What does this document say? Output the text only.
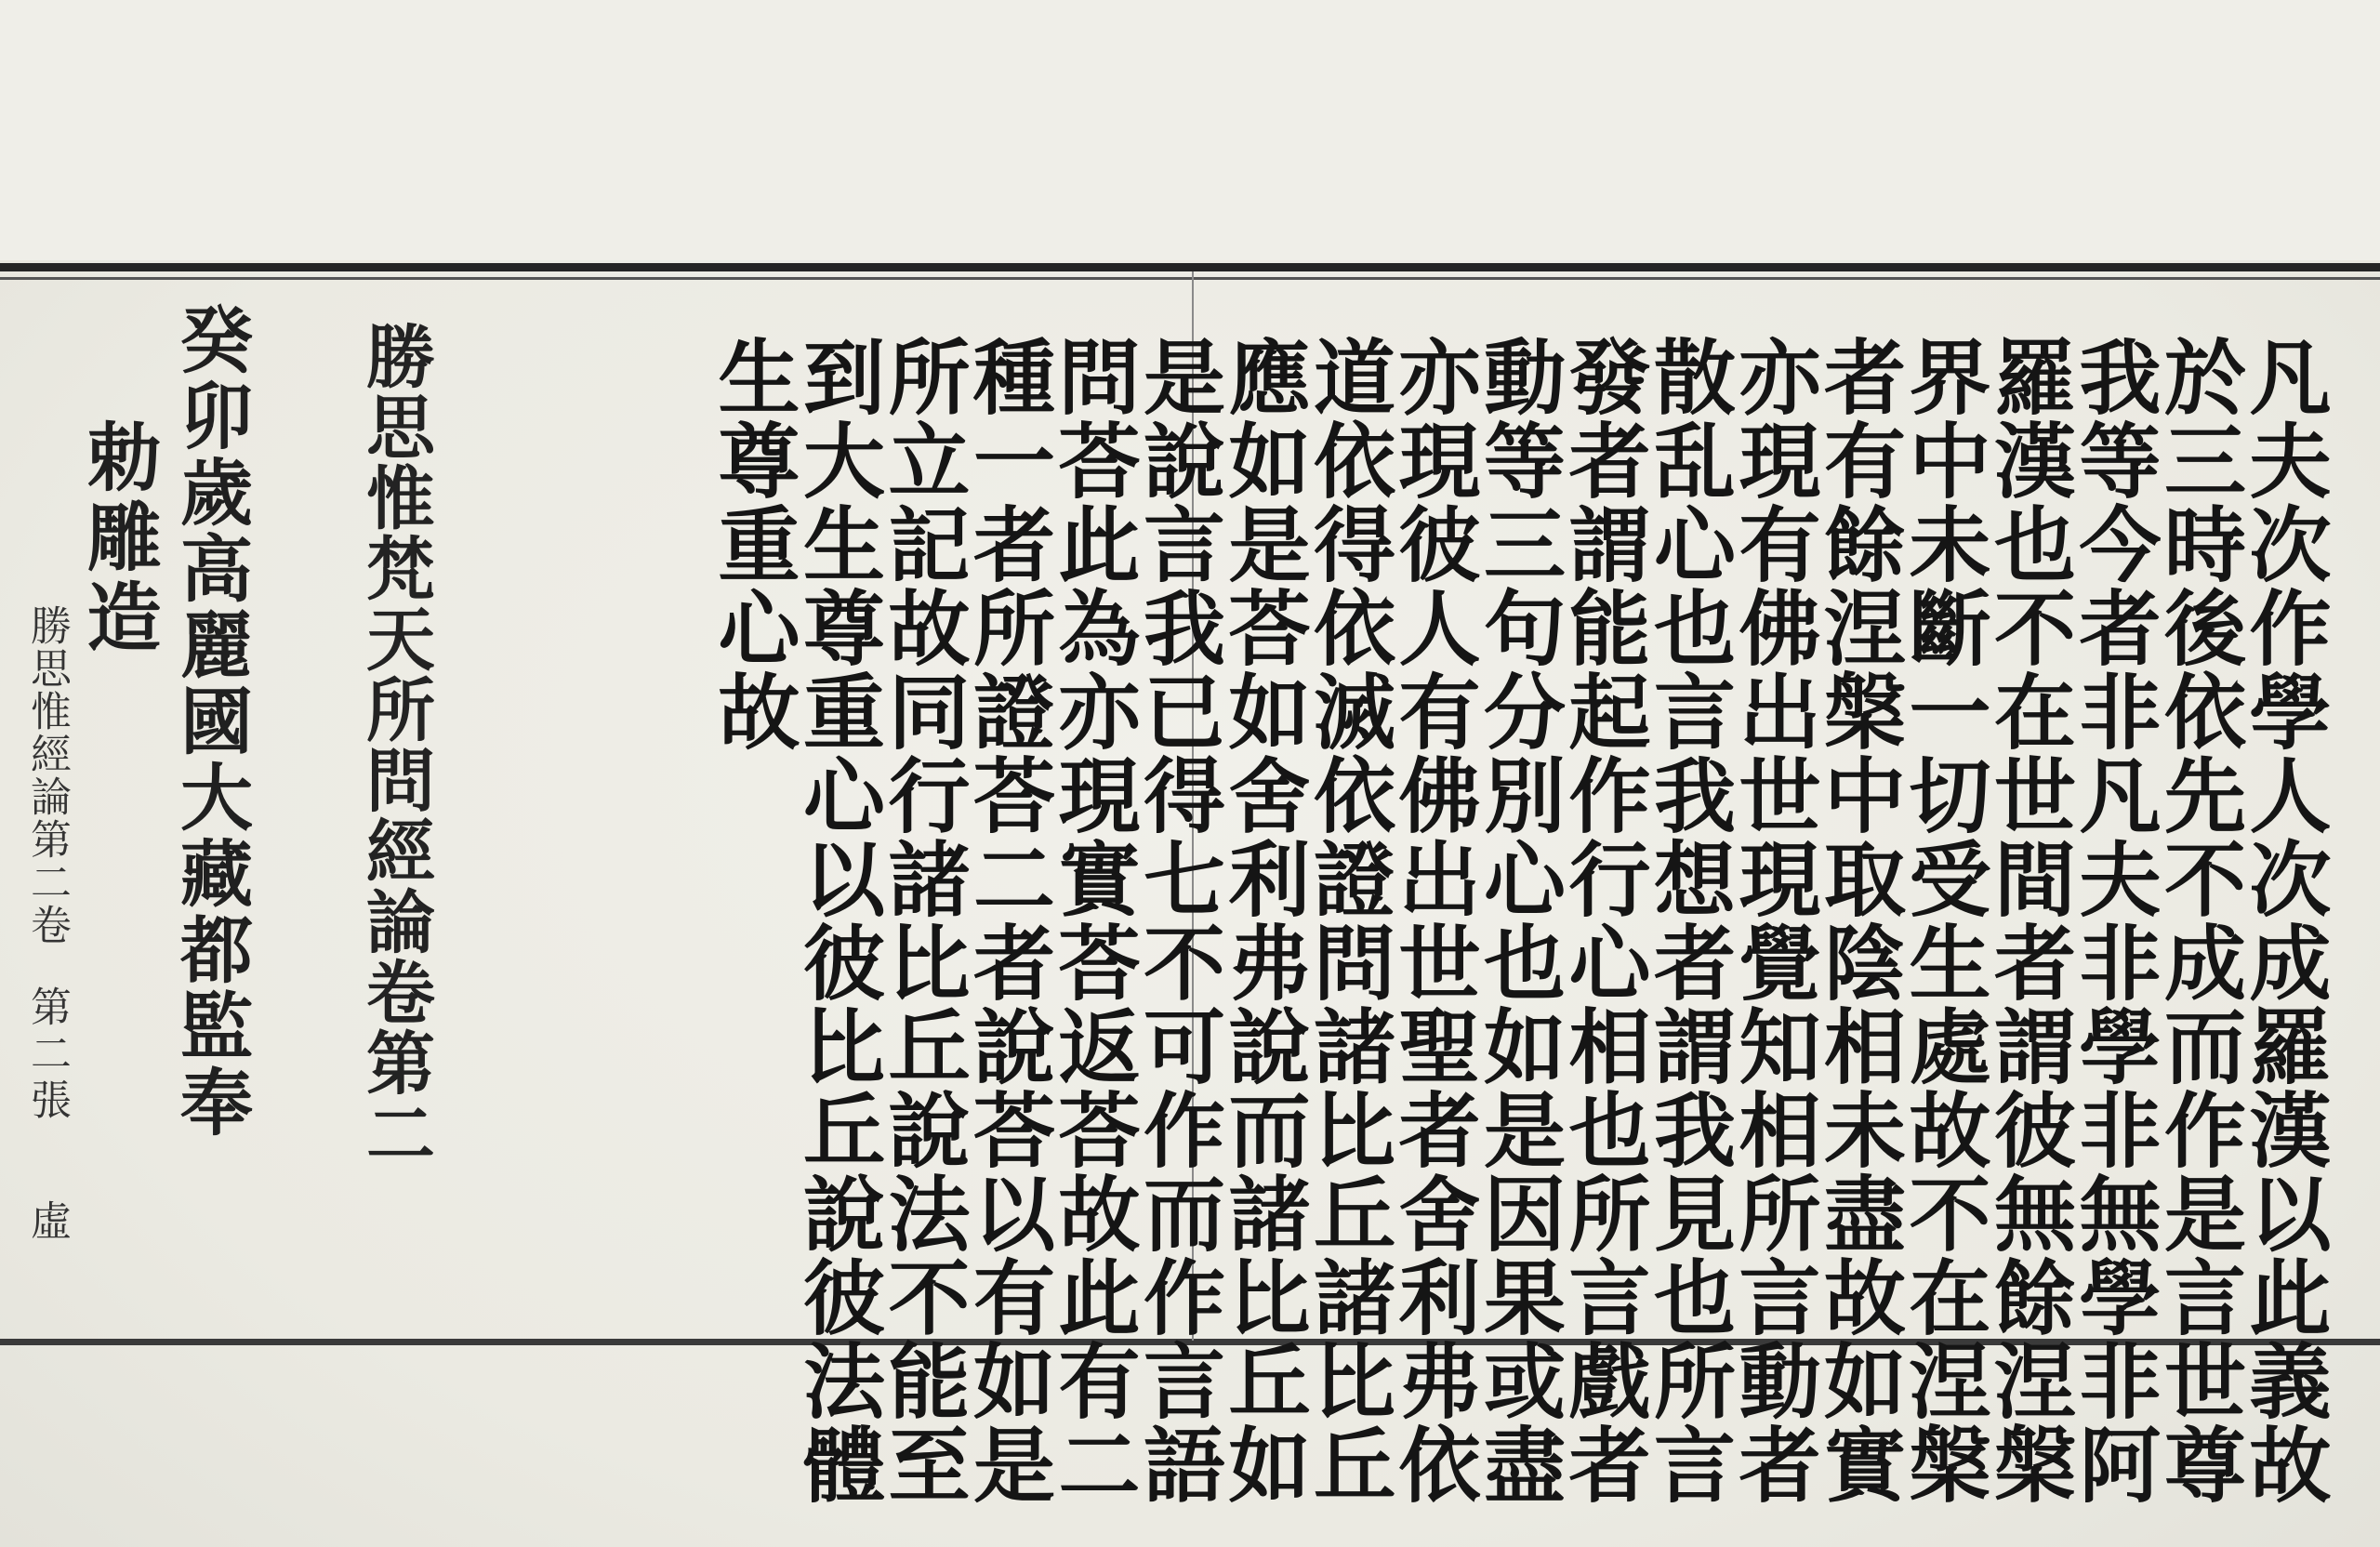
凡夫次作學人次成羅漢以此義故
於三時後依先不成而作是言世尊
我等今者非凡夫非學非無學非阿
羅漢也不在世間者謂彼無餘涅槃
界中未斷一切受生處故不在涅槃
者有餘涅槃中取陰相未盡故如實
亦現有佛出世現覺知相所言動者
散乱心也言我想者謂我見也所言
發者謂能起作行心相也所言戲者
動等三句分別心也如是因果或盡
亦現彼人有佛出世聖者舍利弗依
道依得依滅依證問諸比丘諸比丘
應如是荅如舍利弗說而諸比丘如
是說言我已得七不可作而作言語
問荅此為亦現實荅返荅故此有二
種一者所證荅二者說荅以有如是
所立記故同行諸比丘說法不能至
到大生尊重心以彼比丘說彼法體
生尊重心故
勝思惟梵天所問經論卷第二
癸卯歲高麗國大藏都監奉
勅雕造
勝思惟經論第二卷
第二張
虛
